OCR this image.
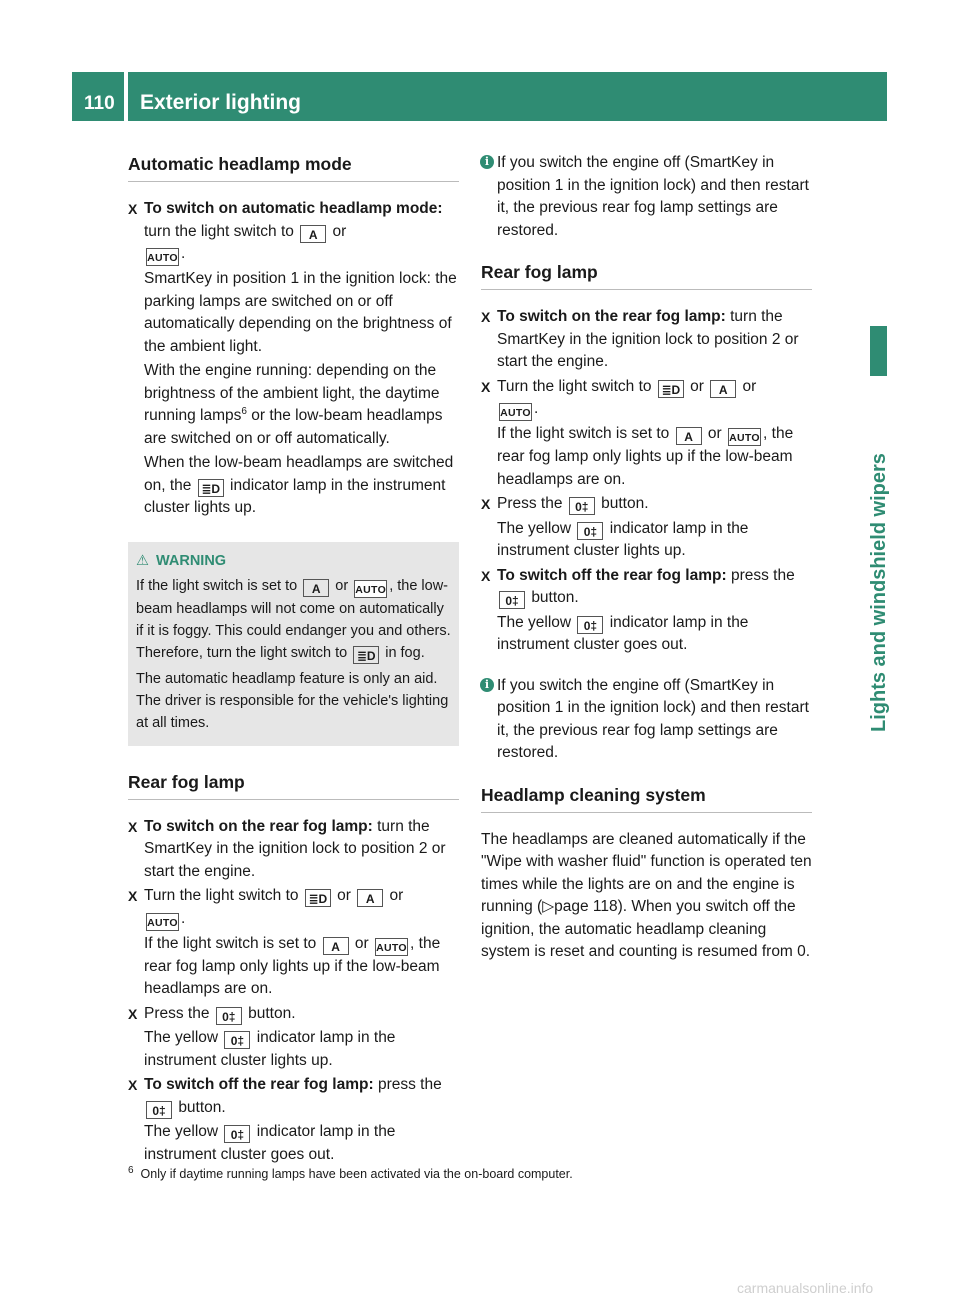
110 Exterior lighting
Lights and windshield wipers
Automatic headlamp mode
X To switch on automatic headlamp mode: turn the light switch to A or
AUTO .

SmartKey in position 1 in the ignition lock: the parking lamps are switched on or off automatically depending on the brightness of the ambient light.

With the engine running: depending on the brightness of the ambient light, the daytime running lamps$^6$ or the low-beam headlamps are switched on or off automatically.

When the low-beam headlamps are switched on, the ≣D indicator lamp in the instrument cluster lights up.

⚠ WARNING

If the light switch is set to A or AUTO , the low-beam headlamps will not come on automatically if it is foggy. This could endanger you and others. Therefore, turn the light switch to ≣D in fog.

The automatic headlamp feature is only an aid. The driver is responsible for the vehicle's lighting at all times.

Rear fog lamp
X To switch on the rear fog lamp: turn the SmartKey in the ignition lock to position 2 or start the engine.
X Turn the light switch to ≣D or A or
AUTO .

If the light switch is set to A or AUTO , the rear fog lamp only lights up if the low-beam headlamps are on.

X Press the 0‡ button.

The yellow 0‡ indicator lamp in the instrument cluster lights up.

X To switch off the rear fog lamp: press the
0‡ button.

The yellow 0‡ indicator lamp in the instrument cluster goes out.

i If you switch the engine off (SmartKey in position 1 in the ignition lock) and then restart it, the previous rear fog lamp settings are restored.
Rear fog lamp
X To switch on the rear fog lamp: turn the SmartKey in the ignition lock to position 2 or start the engine.
X Turn the light switch to ≣D or A or
AUTO .

If the light switch is set to A or AUTO , the rear fog lamp only lights up if the low-beam headlamps are on.

X Press the 0‡ button.

The yellow 0‡ indicator lamp in the instrument cluster lights up.

X To switch off the rear fog lamp: press the
0‡ button.

The yellow 0‡ indicator lamp in the instrument cluster goes out.

i If you switch the engine off (SmartKey in position 1 in the ignition lock) and then restart it, the previous rear fog lamp settings are restored.
Headlamp cleaning system

The headlamps are cleaned automatically if the "Wipe with washer fluid" function is operated ten times while the lights are on and the engine is running (▷page 118). When you switch off the ignition, the automatic headlamp cleaning system is reset and counting is resumed from 0.

$^6$ Only if daytime running lamps have been activated via the on-board computer.
carmanualsonline.info
